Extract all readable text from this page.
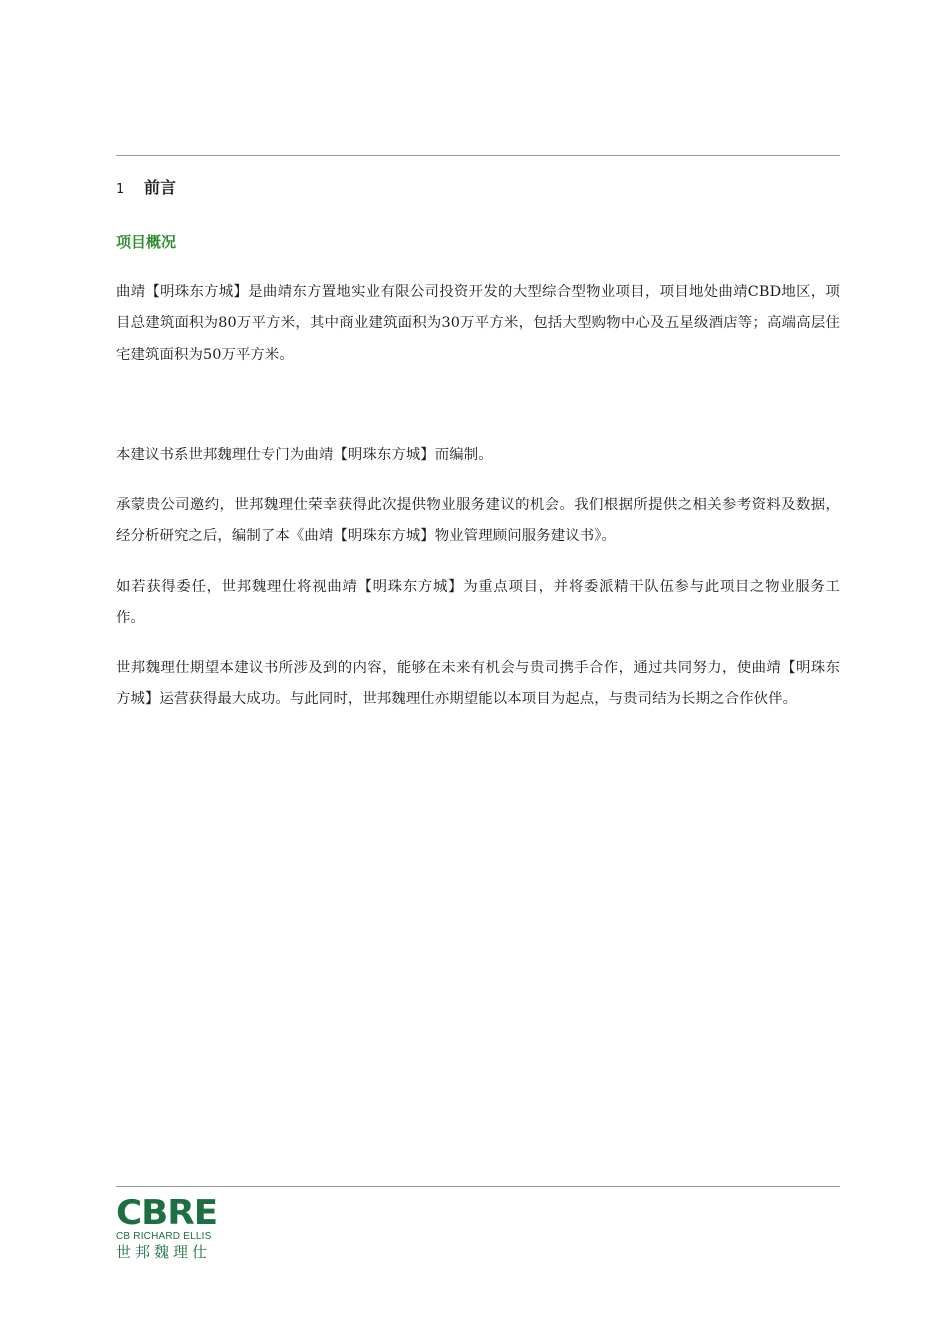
1	前言
项目概况

曲靖【明珠东方城】是曲靖东方置地实业有限公司投资开发的大型综合型物业项目，项目地处曲靖CBD地区，项目总建筑面积为80万平方米，其中商业建筑面积为30万平方米，包括大型购物中心及五星级酒店等；高端高层住宅建筑面积为50万平方米。

本建议书系世邦魏理仕专门为曲靖【明珠东方城】而编制。

承蒙贵公司邀约，世邦魏理仕荣幸获得此次提供物业服务建议的机会。我们根据所提供之相关参考资料及数据，经分析研究之后，编制了本《曲靖【明珠东方城】物业管理顾问服务建议书》。

如若获得委任，世邦魏理仕将视曲靖【明珠东方城】为重点项目，并将委派精干队伍参与此项目之物业服务工作。

世邦魏理仕期望本建议书所涉及到的内容，能够在未来有机会与贵司携手合作，通过共同努力，使曲靖【明珠东方城】运营获得最大成功。与此同时，世邦魏理仕亦期望能以本项目为起点，与贵司结为长期之合作伙伴。

CBRE
CB RICHARD ELLIS
世邦魏理仕
